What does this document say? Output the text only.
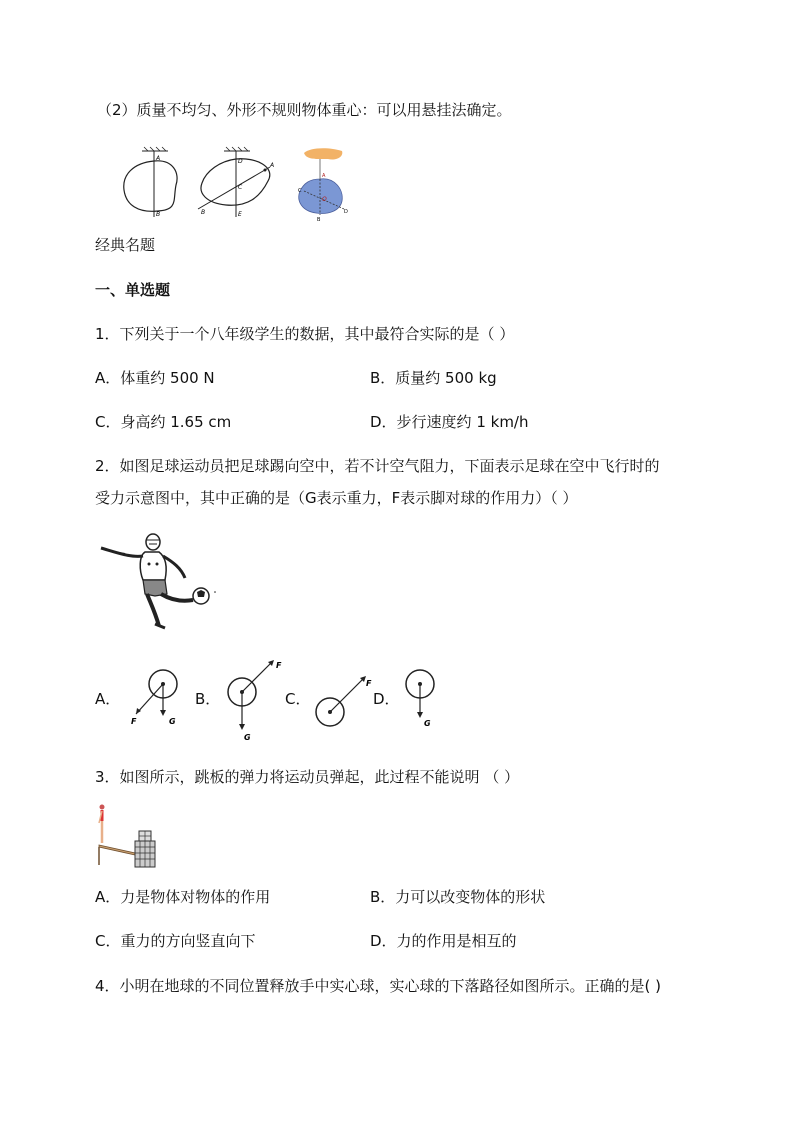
（2）质量不均匀、外形不规则物体重心：可以用悬挂法确定。
A
B
D
A
C
B	E
A
C
O
D
B
经典名题
一、单选题
1．下列关于一个八年级学生的数据，其中最符合实际的是（ ）
A．体重约 500 N	B．质量约 500 kg
C．身高约 1.65 cm	D．步行速度约 1 km/h
2．如图足球运动员把足球踢向空中，若不计空气阻力，下面表示足球在空中飞行时的
受力示意图中，其中正确的是（G表示重力，F表示脚对球的作用力）（ ）
A．
F	G
B．
F
G
C．
F
D．
G
3．如图所示，跳板的弹力将运动员弹起，此过程不能说明 （ ）
A．力是物体对物体的作用	B．力可以改变物体的形状
C．重力的方向竖直向下	D．力的作用是相互的
4．小明在地球的不同位置释放手中实心球，实心球的下落路径如图所示。正确的是( )
